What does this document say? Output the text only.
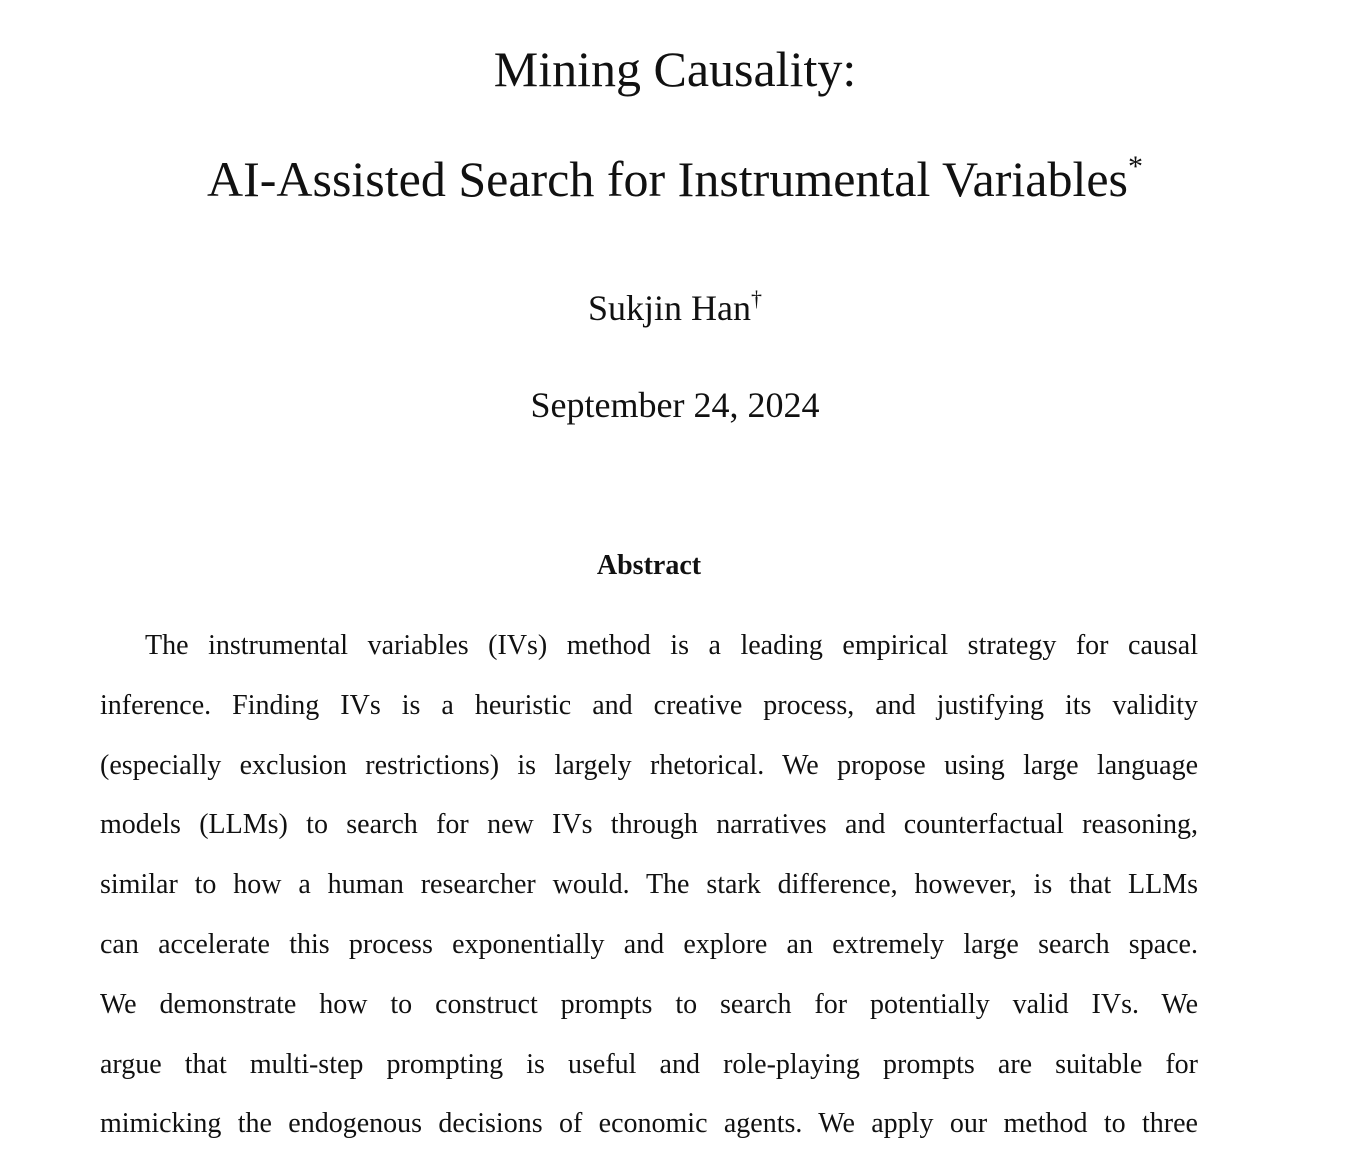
Mining Causality:
AI-Assisted Search for Instrumental Variables*
Sukjin Han†
September 24, 2024
Abstract
The instrumental variables (IVs) method is a leading empirical strategy for causal
inference. Finding IVs is a heuristic and creative process, and justifying its validity
(especially exclusion restrictions) is largely rhetorical. We propose using large language
models (LLMs) to search for new IVs through narratives and counterfactual reasoning,
similar to how a human researcher would. The stark difference, however, is that LLMs
can accelerate this process exponentially and explore an extremely large search space.
We demonstrate how to construct prompts to search for potentially valid IVs. We
argue that multi-step prompting is useful and role-playing prompts are suitable for
mimicking the endogenous decisions of economic agents. We apply our method to three
